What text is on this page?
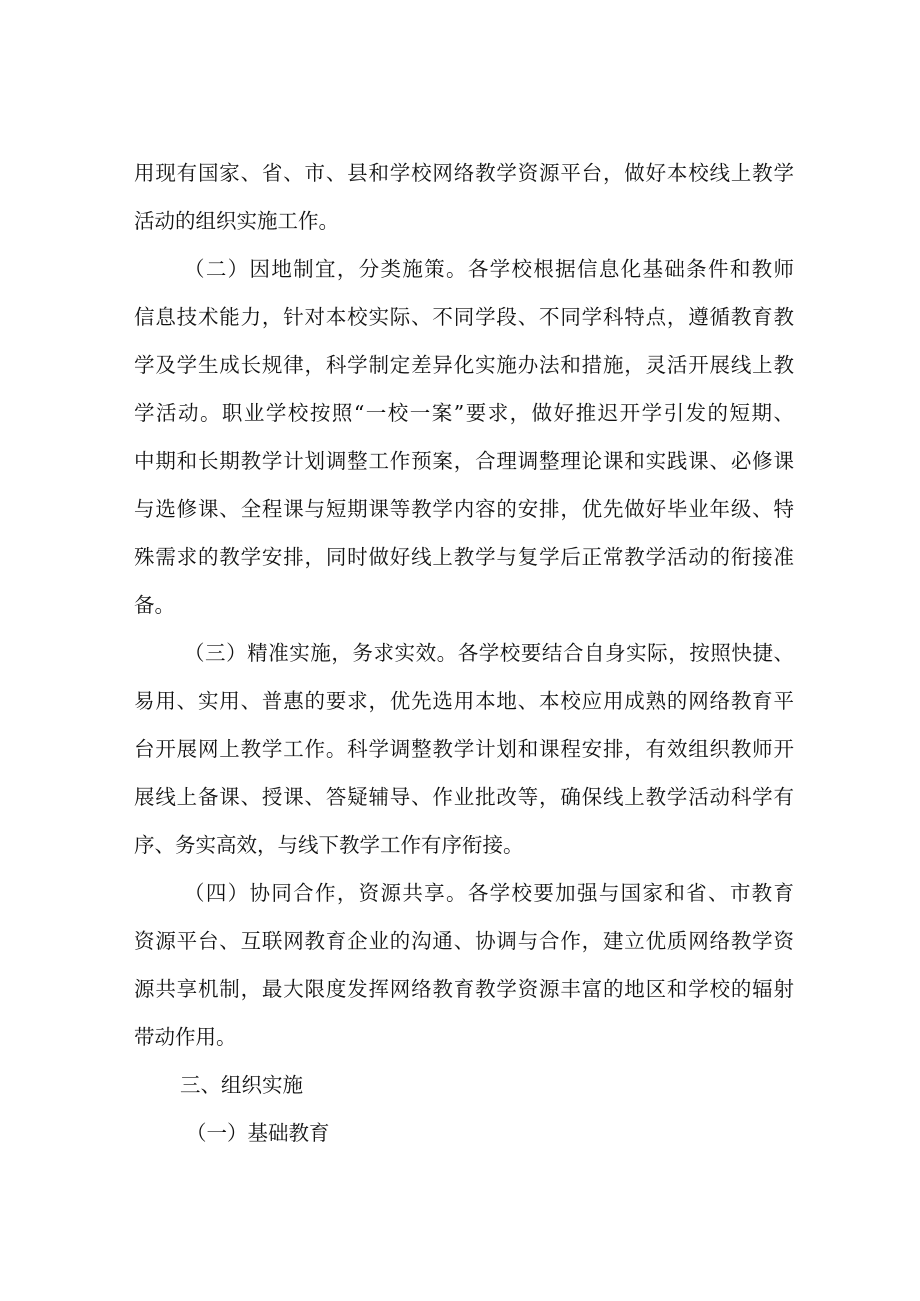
用现有国家、省、市、县和学校网络教学资源平台，做好本校线上教学
活动的组织实施工作。
（二）因地制宜，分类施策。各学校根据信息化基础条件和教师
信息技术能力，针对本校实际、不同学段、不同学科特点，遵循教育教
学及学生成长规律，科学制定差异化实施办法和措施，灵活开展线上教
学活动。职业学校按照“一校一案”要求，做好推迟开学引发的短期、
中期和长期教学计划调整工作预案，合理调整理论课和实践课、必修课
与选修课、全程课与短期课等教学内容的安排，优先做好毕业年级、特
殊需求的教学安排，同时做好线上教学与复学后正常教学活动的衔接准
备。
（三）精准实施，务求实效。各学校要结合自身实际，按照快捷、
易用、实用、普惠的要求，优先选用本地、本校应用成熟的网络教育平
台开展网上教学工作。科学调整教学计划和课程安排，有效组织教师开
展线上备课、授课、答疑辅导、作业批改等，确保线上教学活动科学有
序、务实高效，与线下教学工作有序衔接。
（四）协同合作，资源共享。各学校要加强与国家和省、市教育
资源平台、互联网教育企业的沟通、协调与合作，建立优质网络教学资
源共享机制，最大限度发挥网络教育教学资源丰富的地区和学校的辐射
带动作用。
三、组织实施
（一）基础教育
